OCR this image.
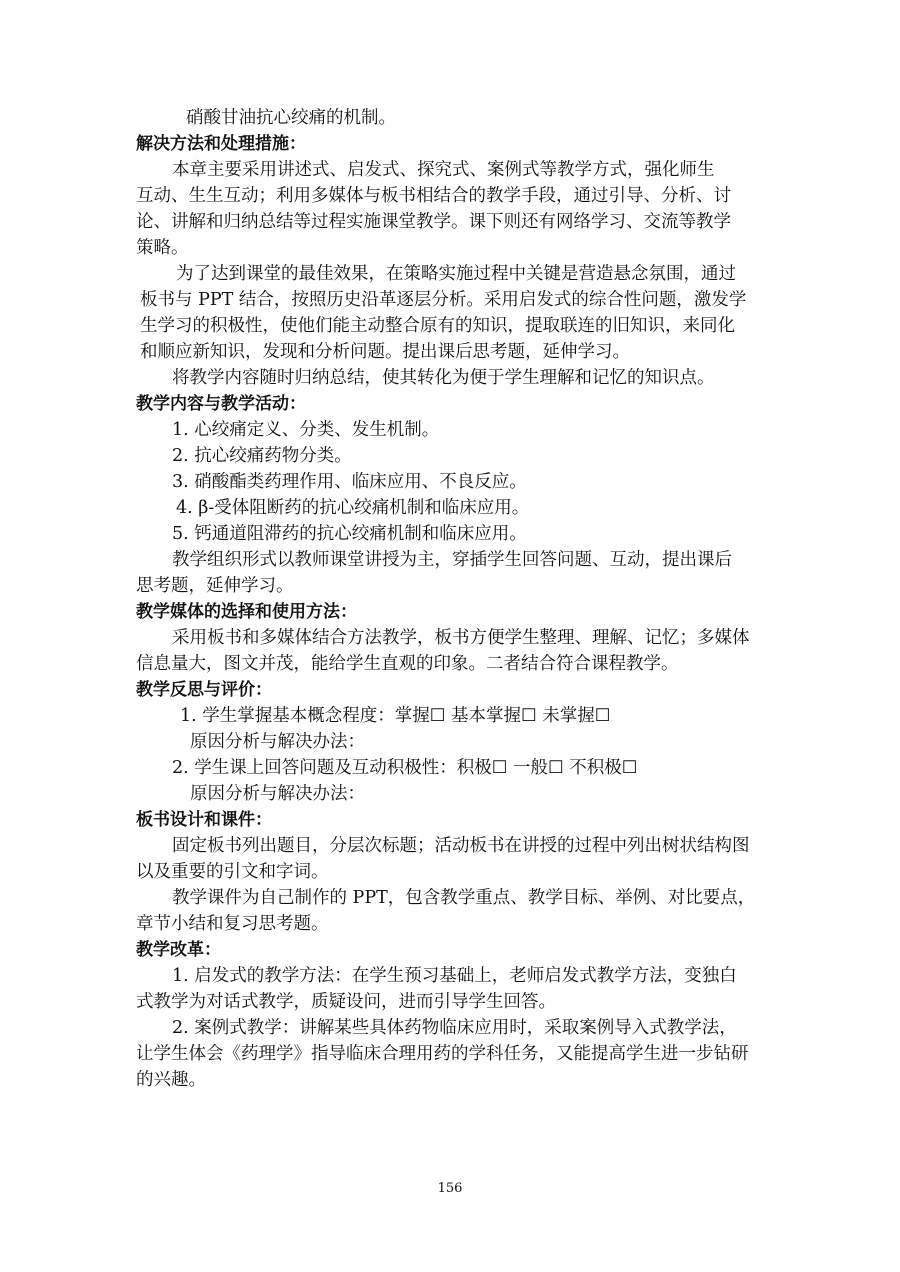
硝酸甘油抗心绞痛的机制。

解决方法和处理措施：

本章主要采用讲述式、启发式、探究式、案例式等教学方式，强化师生

互动、生生互动；利用多媒体与板书相结合的教学手段，通过引导、分析、讨

论、讲解和归纳总结等过程实施课堂教学。课下则还有网络学习、交流等教学

策略。

为了达到课堂的最佳效果，在策略实施过程中关键是营造悬念氛围，通过

板书与 PPT 结合，按照历史沿革逐层分析。采用启发式的综合性问题，激发学

生学习的积极性，使他们能主动整合原有的知识，提取联连的旧知识，来同化

和顺应新知识，发现和分析问题。提出课后思考题，延伸学习。

将教学内容随时归纳总结，使其转化为便于学生理解和记忆的知识点。

教学内容与教学活动：

1. 心绞痛定义、分类、发生机制。

2. 抗心绞痛药物分类。

3. 硝酸酯类药理作用、临床应用、不良反应。

4. β-受体阻断药的抗心绞痛机制和临床应用。

5. 钙通道阻滞药的抗心绞痛机制和临床应用。

教学组织形式以教师课堂讲授为主，穿插学生回答问题、互动，提出课后

思考题，延伸学习。

教学媒体的选择和使用方法：

采用板书和多媒体结合方法教学，板书方便学生整理、理解、记忆；多媒体

信息量大，图文并茂，能给学生直观的印象。二者结合符合课程教学。

教学反思与评价：

1. 学生掌握基本概念程度：掌握☐ 基本掌握☐ 未掌握☐

原因分析与解决办法：

2. 学生课上回答问题及互动积极性：积极☐ 一般☐ 不积极☐

原因分析与解决办法：

板书设计和课件：

固定板书列出题目，分层次标题；活动板书在讲授的过程中列出树状结构图

以及重要的引文和字词。

教学课件为自己制作的 PPT，包含教学重点、教学目标、举例、对比要点，

章节小结和复习思考题。

教学改革：

1. 启发式的教学方法：在学生预习基础上，老师启发式教学方法，变独白

式教学为对话式教学，质疑设问，进而引导学生回答。

2. 案例式教学：讲解某些具体药物临床应用时，采取案例导入式教学法，

让学生体会《药理学》指导临床合理用药的学科任务，又能提高学生进一步钻研

的兴趣。

156
